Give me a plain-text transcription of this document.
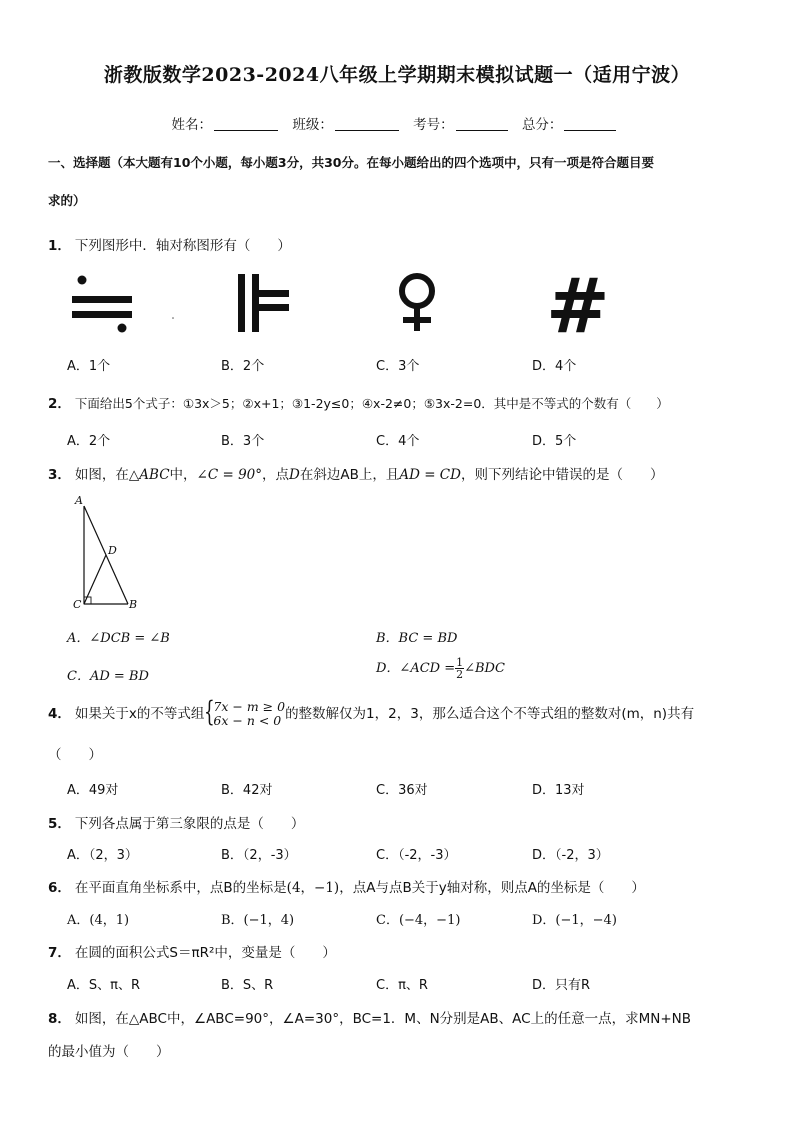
浙教版数学2023-2024八年级上学期期末模拟试题一（适用宁波）
姓名：	班级：	考号：	总分：
一、选择题（本大题有10个小题，每小题3分，共30分。在每小题给出的四个选项中，只有一项是符合题目要
求的）
1． 下列图形中．轴对称图形有（　　）
#
A．1个	B．2个	C．3个	D．4个
2． 下面给出5个式子：①3x＞5；②x+1；③1-2y≤0；④x-2≠0；⑤3x-2=0．其中是不等式的个数有（　　）
A．2个	B．3个	C．4个	D．5个
3． 如图，在△ABC中，∠C = 90°，点D在斜边AB上，且AD = CD，则下列结论中错误的是（　　）
A
D
C	B
A．∠DCB = ∠B	B．BC = BD
C．AD = BD
D．∠ACD = $\frac{1}{2}$ ∠BDC
4． 如果关于x的不等式组 {
7x − m ≥ 0
6x − n < 0 的整数解仅为1，2，3，那么适合这个不等式组的整数对(m，n)共有
（　　）
A．49对	B．42对	C．36对	D．13对
5． 下列各点属于第三象限的点是（　　）
A．（2，3）	B．（2，-3）	C．（-2，-3）	D．（-2，3）
6． 在平面直角坐标系中，点B的坐标是(4，−1)，点A与点B关于y轴对称，则点A的坐标是（　　）
A．(4，1)	B．(−1，4)	C．(−4，−1)	D．(−1，−4)
7． 在圆的面积公式S＝πR²中，变量是（　　）
A．S、π、R	B．S、R	C．π、R	D．只有R
8． 如图，在△ABC中，∠ABC=90°，∠A=30°，BC=1．M、N分别是AB、AC上的任意一点，求MN+NB
的最小值为（　　）
